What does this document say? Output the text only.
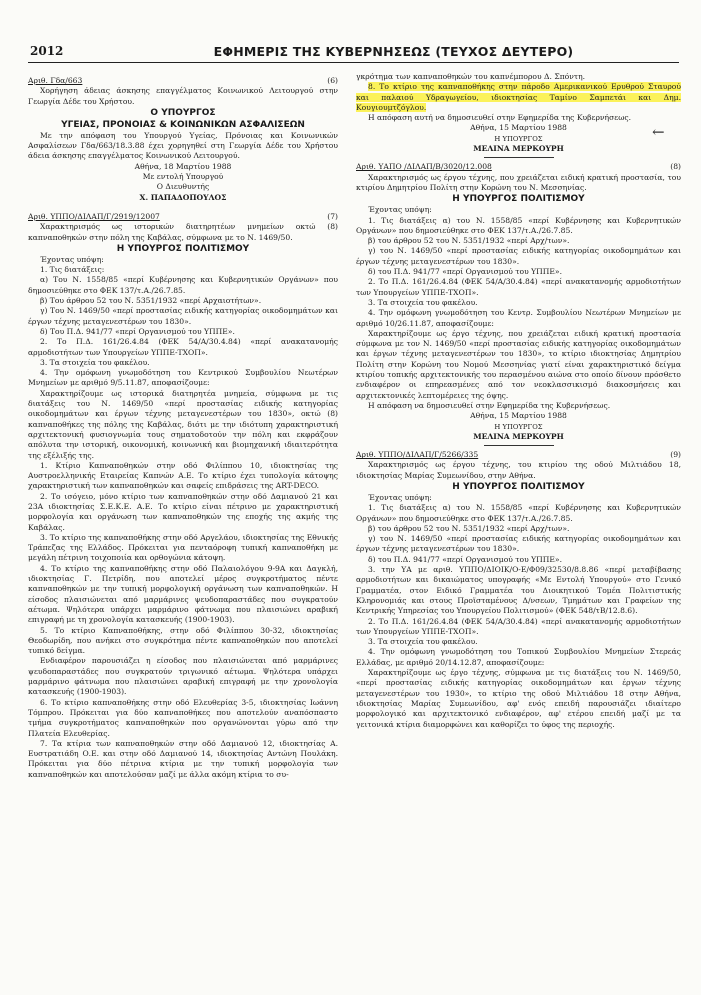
2012	ΕΦΗΜΕΡΙΣ ΤΗΣ ΚΥΒΕΡΝΗΣΕΩΣ (ΤΕΥΧΟΣ ΔΕΥΤΕΡΟ)
Αριθ. Γδα/663	(6)

Χορήγηση άδειας άσκησης επαγγέλματος Κοινωνικού Λειτουργού στην Γεωργία Δέδε του Χρήστου.

Ο ΥΠΟΥΡΓΟΣ
ΥΓΕΙΑΣ, ΠΡΟΝΟΙΑΣ & ΚΟΙΝΩΝΙΚΩΝ ΑΣΦΑΛΙΣΕΩΝ

Με την απόφαση του Υπουργού Υγείας, Πρόνοιας και Κοινωνικών Ασφαλίσεων Γδα/663/18.3.88 έχει χορηγηθεί στη Γεωργία Δέδε του Χρήστου άδεια άσκησης επαγγέλματος Κοινωνικού Λειτουργού.

Αθήνα, 18 Μαρτίου 1988
Με εντολή Υπουργού
Ο Διευθυντής
Χ. ΠΑΠΑΔΟΠΟΥΛΟΣ
Αριθ. ΥΠΠΟ/ΔΙΛΑΠ/Γ/2919/12007	(7)

Χαρακτηρισμός ως ιστορικών διατηρητέων μνημείων οκτώ (8) καπναποθηκών στην πόλη της Καβάλας, σύμφωνα με το Ν. 1469/50.

Η ΥΠΟΥΡΓΟΣ ΠΟΛΙΤΙΣΜΟΥ

Έχοντας υπόψη:

1. Τις διατάξεις:

α) Του Ν. 1558/85 «περί Κυβέρνησης και Κυβερνητικών Οργάνων» που δημοσιεύθηκε στο ΦΕΚ 137/τ.Α./26.7.85.

β) Του άρθρου 52 του Ν. 5351/1932 «περί Αρχαιοτήτων».

γ) Του Ν. 1469/50 «περί προστασίας ειδικής κατηγορίας οικοδομημάτων και έργων τέχνης μεταγενεστέρων του 1830».

δ) Του Π.Δ. 941/77 «περί Οργανισμού του ΥΠΠΕ».

2. Το Π.Δ. 161/26.4.84 (ΦΕΚ 54/Α/30.4.84) «περί ανακατανομής αρμοδιοτήτων των Υπουργείων ΥΠΠΕ-ΤΧΟΠ».

3. Τα στοιχεία του φακέλου.

4. Την ομόφωνη γνωμοδότηση του Κεντρικού Συμβουλίου Νεωτέρων Μνημείων με αριθμό 9/5.11.87, αποφασίζουμε:

Χαρακτηρίζουμε ως ιστορικά διατηρητέα μνημεία, σύμφωνα με τις διατάξεις του Ν. 1469/50 «περί προστασίας ειδικής κατηγορίας οικοδομημάτων και έργων τέχνης μεταγενεστέρων του 1830», οκτώ (8) καπναποθήκες της πόλης της Καβάλας, διότι με την ιδιότυπη χαρακτηριστική αρχιτεκτονική φυσιογνωμία τους σηματοδοτούν την πόλη και εκφράζουν απόλυτα την ιστορική, οικονομική, κοινωνική και βιομηχανική ιδιαιτερότητα της εξέλιξής της.

1. Κτίριο Καπναποθηκών στην οδό Φιλίππου 10, ιδιοκτησίας της Αυστροελληνικής Εταιρείας Καπνών Α.Ε. Το κτίριο έχει τυπολογία κάτοψης χαρακτηριστική των καπναποθηκών και σαφείς επιδράσεις της ART-DECO.

2. Το ισόγειο, μόνο κτίριο των καπναποθηκών στην οδό Δαμιανού 21 και 23Α ιδιοκτησίας Σ.Ε.Κ.Ε. Α.Ε. Το κτίριο είναι πέτρινο με χαρακτηριστική μορφολογία και οργάνωση των καπναποθηκών της εποχής της ακμής της Καβάλας.

3. Το κτίριο της καπναποθήκης στην οδό Αργελάου, ιδιοκτησίας της Εθνικής Τράπεζας της Ελλάδος. Πρόκειται για πενταόροφη τυπική καπναποθήκη με μεγάλη πέτρινη τοιχοποιία και ορθογώνια κάτοψη.

4. Το κτίριο της καπναποθήκης στην οδό Παλαιολόγου 9-9Α και Δαγκλή, ιδιοκτησίας Γ. Πετρίδη, που αποτελεί μέρος συγκροτήματος πέντε καπναποθηκών με την τυπική μορφολογική οργάνωση των καπναποθηκών. Η είσοδος πλαισιώνεται από μαρμάρινες ψευδοπαραστάδες που συγκρατούν αέτωμα. Ψηλότερα υπάρχει μαρμάρινο φάτνωμα που πλαισιώνει αραβική επιγραφή με τη χρονολογία κατασκευής (1900-1903).

5. Το κτίριο Καπναποθήκης, στην οδό Φιλίππου 30-32, ιδιοκτησίας Θεοδωρίδη, που ανήκει στο συγκρότημα πέντε καπναποθηκών που αποτελεί τυπικό δείγμα.

Ενδιαφέρον παρουσιάζει η είσοδος που πλαισιώνεται από μαρμάρινες ψευδοπαραστάδες που συγκρατούν τριγωνικό αέτωμα. Ψηλότερα υπάρχει μαρμάρινο φάτνωμα που πλαισιώνει αραβική επιγραφή με την χρονολογία κατασκευής (1900-1903).

6. Το κτίριο καπναποθήκης στην οδό Ελευθερίας 3-5, ιδιοκτησίας Ιωάννη Τόμπρου. Πρόκειται για δύο καπναποθήκες που αποτελούν αναπόσπαστο τμήμα συγκροτήματος καπναποθηκών που οργανώνονται γύρω από την Πλατεία Ελευθερίας.

7. Τα κτίρια των καπναποθηκών στην οδό Δαμιανού 12, ιδιοκτησίας Α. Ευστρατιάδη Ο.Ε. και στην οδό Δαμιανού 14, ιδιοκτησίας Αντώνη Πουλάκη. Πρόκειται για δύο πέτρινα κτίρια με την τυπική μορφολογία των καπναποθηκών και αποτελούσαν μαζί με άλλα ακόμη κτίρια το συ-

γκρότημα των καπναποθηκών του καπνέμπορου Δ. Σπόντη.

8. Το κτίριο της καπναποθήκης στην πάροδο Αμερικανικού Ερυθρού Σταυρού και παλαιού Υδραγωγείου, ιδιοκτησίας Ταμίνο Σαμπετάι και Δημ. Κουγιουμτζόγλου.

Η απόφαση αυτή να δημοσιευθεί στην Εφημερίδα της Κυβερνήσεως.

Αθήνα, 15 Μαρτίου 1988
Η ΥΠΟΥΡΓΟΣ
ΜΕΛΙΝΑ ΜΕΡΚΟΥΡΗ
Αριθ. ΥΑΠΟ /ΔΙΛΑΠ/Β/3020/12.008	(8)

Χαρακτηρισμός ως έργου τέχνης, που χρειάζεται ειδική κρατική προστασία, του κτιρίου Δημητρίου Πολίτη στην Κορώνη του Ν. Μεσσηνίας.

Η ΥΠΟΥΡΓΟΣ ΠΟΛΙΤΙΣΜΟΥ

Έχοντας υπόψη:

1. Τις διατάξεις α) του Ν. 1558/85 «περί Κυβέρνησης και Κυβερνητικών Οργάνων» που δημοσιεύθηκε στο ΦΕΚ 137/τ.Α./26.7.85.

β) του άρθρου 52 του Ν. 5351/1932 «περί Αρχ/των».

γ) του Ν. 1469/50 «περί προστασίας ειδικής κατηγορίας οικοδομημάτων και έργων τέχνης μεταγενεστέρων του 1830».

δ) του Π.Δ. 941/77 «περί Οργανισμού του ΥΠΠΕ».

2. Το Π.Δ. 161/26.4.84 (ΦΕΚ 54/Α/30.4.84) «περί ανακατανομής αρμοδιοτήτων των Υπουργείων ΥΠΠΕ-ΤΧΟΠ».

3. Τα στοιχεία του φακέλου.

4. Την ομόφωνη γνωμοδότηση του Κεντρ. Συμβουλίου Νεωτέρων Μνημείων με αριθμό 10/26.11.87, αποφασίζουμε:

Χαρακτηρίζουμε ως έργο τέχνης, που χρειάζεται ειδική κρατική προστασία σύμφωνα με τον Ν. 1469/50 «περί προστασίας ειδικής κατηγορίας οικοδομημάτων και έργων τέχνης μεταγενεστέρων του 1830», το κτίριο ιδιοκτησίας Δημητρίου Πολίτη στην Κορώνη του Νομού Μεσσηνίας γιατί είναι χαρακτηριστικό δείγμα κτιρίου τοπικής αρχιτεκτονικής του περασμένου αιώνα στο οποίο δίνουν πρόσθετο ενδιαφέρον οι επηρεασμένες από τον νεοκλασσικισμό διακοσμήσεις και αρχιτεκτονικές λεπτομέρειες της όψης.

Η απόφαση να δημοσιευθεί στην Εφημερίδα της Κυβερνήσεως.

Αθήνα, 15 Μαρτίου 1988
Η ΥΠΟΥΡΓΟΣ
ΜΕΛΙΝΑ ΜΕΡΚΟΥΡΗ
Αριθ. ΥΠΠΟ/ΔΙΛΑΠ/Γ/5266/335	(9)

Χαρακτηρισμός ως έργου τέχνης, του κτιρίου της οδού Μιλτιάδου 18, ιδιοκτησίας Μαρίας Συμεωνίδου, στην Αθήνα.

Η ΥΠΟΥΡΓΟΣ ΠΟΛΙΤΙΣΜΟΥ

Έχοντας υπόψη:

1. Τις διατάξεις α) του Ν. 1558/85 «περί Κυβέρνησης και Κυβερνητικών Οργάνων» που δημοσιεύθηκε στο ΦΕΚ 137/τ.Α./26.7.85.

β) του άρθρου 52 του Ν. 5351/1932 «περί Αρχ/των».

γ) του Ν. 1469/50 «περί προστασίας ειδικής κατηγορίας οικοδομημάτων και έργων τέχνης μεταγενεστέρων του 1830».

δ) του Π.Δ. 941/77 «περί Οργανισμού του ΥΠΠΕ».

3. την ΥΑ με αριθ. ΥΠΠΟ/ΔΙΟΙΚ/Ο-Ε/Φ09/32530/8.8.86 «περί μεταβίβασης αρμοδιοτήτων και δικαιώματος υπογραφής «Με Εντολή Υπουργού» στο Γενικό Γραμματέα, στον Ειδικό Γραμματέα του Διοικητικού Τομέα Πολιτιστικής Κληρονομιάς και στους Προϊσταμένους Δ/νσεων, Τμημάτων και Γραφείων της Κεντρικής Υπηρεσίας του Υπουργείου Πολιτισμού» (ΦΕΚ 548/τΒ/12.8.6).

2. Το Π.Δ. 161/26.4.84 (ΦΕΚ 54/Α/30.4.84) «περί ανακατανομής αρμοδιοτήτων των Υπουργείων ΥΠΠΕ-ΤΧΟΠ».

3. Τα στοιχεία του φακέλου.

4. Την ομόφωνη γνωμοδότηση του Τοπικού Συμβουλίου Μνημείων Στερεάς Ελλάδας, με αριθμό 20/14.12.87, αποφασίζουμε:

Χαρακτηρίζουμε ως έργο τέχνης, σύμφωνα με τις διατάξεις του Ν. 1469/50, «περί προστασίας ειδικής κατηγορίας οικοδομημάτων και έργων τέχνης μεταγενεστέρων του 1930», το κτίριο της οδού Μιλτιάδου 18 στην Αθήνα, ιδιοκτησίας Μαρίας Συμεωνίδου, αφ' ενός επειδή παρουσιάζει ιδιαίτερο μορφολογικό και αρχιτεκτονικό ενδιαφέρον, αφ' ετέρου επειδή μαζί με τα γειτονικά κτίρια διαμορφώνει και καθορίζει το ύφος της περιοχής.

←
